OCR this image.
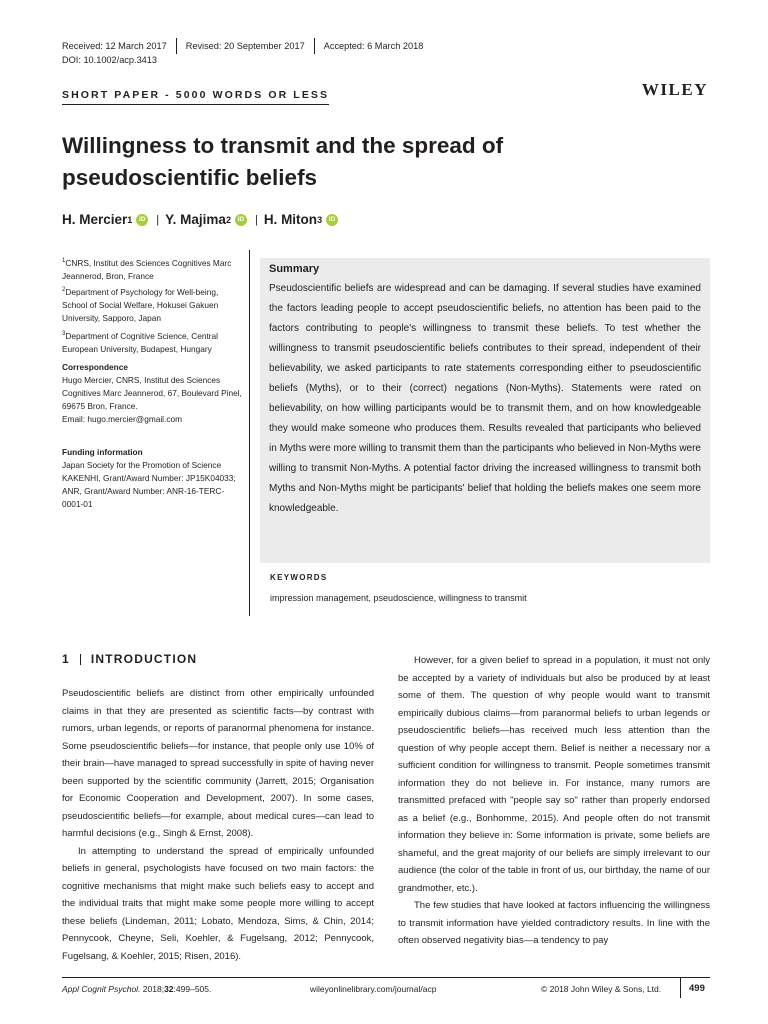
Received: 12 March 2017 Revised: 20 September 2017 Accepted: 6 March 2018
DOI: 10.1002/acp.3413
SHORT PAPER - 5000 WORDS OR LESS	WILEY
Willingness to transmit and the spread of pseudoscientific beliefs
H. Mercier 1	iD | Y. Majima 2	iD | H. Miton 3	iD
$^1$CNRS, Institut des Sciences Cognitives Marc Jeannerod, Bron, France
$^2$Department of Psychology for Well-being, School of Social Welfare, Hokusei Gakuen University, Sapporo, Japan
$^3$Department of Cognitive Science, Central European University, Budapest, Hungary
Correspondence
Hugo Mercier, CNRS, Institut des Sciences Cognitives Marc Jeannerod, 67, Boulevard Pinel, 69675 Bron, France.
Email: hugo.mercier@gmail.com
Funding information
Japan Society for the Promotion of Science KAKENHI, Grant/Award Number: JP15K04033; ANR, Grant/Award Number: ANR-16-TERC-0001-01
Summary
Pseudoscientific beliefs are widespread and can be damaging. If several studies have examined the factors leading people to accept pseudoscientific beliefs, no attention has been paid to the factors contributing to people's willingness to transmit these beliefs. To test whether the willingness to transmit pseudoscientific beliefs contributes to their spread, independent of their believability, we asked participants to rate statements corresponding either to pseudoscientific beliefs (Myths), or to their (correct) negations (Non-Myths). Statements were rated on believability, on how willing participants would be to transmit them, and on how knowledgeable they would make someone who produces them. Results revealed that participants who believed in Myths were more willing to transmit them than the participants who believed in Non-Myths were willing to transmit Non-Myths. A potential factor driving the increased willingness to transmit both Myths and Non-Myths might be participants' belief that holding the beliefs makes one seem more knowledgeable.
KEYWORDS
impression management, pseudoscience, willingness to transmit
1 INTRODUCTION

Pseudoscientific beliefs are distinct from other empirically unfounded claims in that they are presented as scientific facts—by contrast with rumors, urban legends, or reports of paranormal phenomena for instance. Some pseudoscientific beliefs—for instance, that people only use 10% of their brain—have managed to spread successfully in spite of having never been supported by the scientific community (Jarrett, 2015; Organisation for Economic Cooperation and Development, 2007). In some cases, pseudoscientific beliefs—for example, about medical cures—can lead to harmful decisions (e.g., Singh & Ernst, 2008).

In attempting to understand the spread of empirically unfounded beliefs in general, psychologists have focused on two main factors: the cognitive mechanisms that might make such beliefs easy to accept and the individual traits that might make some people more willing to accept these beliefs (Lindeman, 2011; Lobato, Mendoza, Sims, & Chin, 2014; Pennycook, Cheyne, Seli, Koehler, & Fugelsang, 2012; Pennycook, Fugelsang, & Koehler, 2015; Risen, 2016).

However, for a given belief to spread in a population, it must not only be accepted by a variety of individuals but also be produced by at least some of them. The question of why people would want to transmit empirically dubious claims—from paranormal beliefs to urban legends or pseudoscientific beliefs—has received much less attention than the question of why people accept them. Belief is neither a necessary nor a sufficient condition for willingness to transmit. People sometimes transmit information they do not believe in. For instance, many rumors are transmitted prefaced with "people say so" rather than properly endorsed as a belief (e.g., Bonhomme, 2015). And people often do not transmit information they believe in: Some information is private, some beliefs are shameful, and the great majority of our beliefs are simply irrelevant to our audience (the color of the table in front of us, our birthday, the name of our grandmother, etc.).

The few studies that have looked at factors influencing the willingness to transmit information have yielded contradictory results. In line with the often observed negativity bias—a tendency to pay

Appl Cognit Psychol. 2018;32:499–505.	wileyonlinelibrary.com/journal/acp	© 2018 John Wiley & Sons, Ltd.	499
